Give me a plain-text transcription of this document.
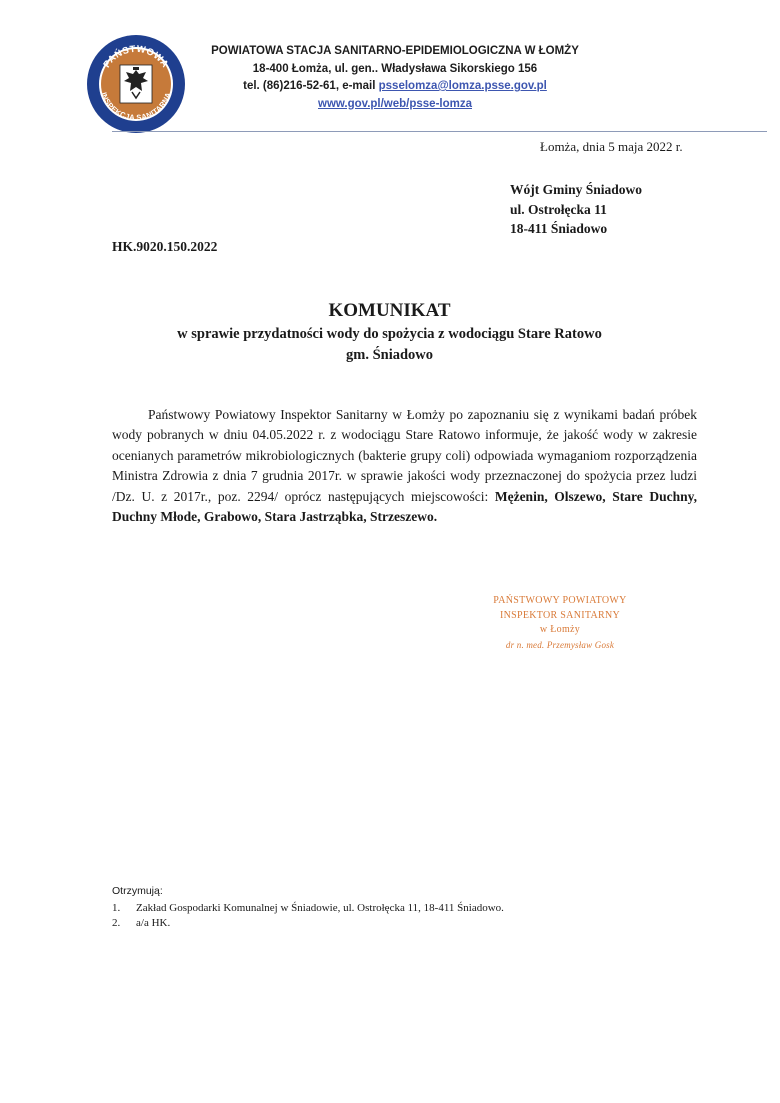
PAŃSTWOWA
INSPEKCJA SANITARNA
POWIATOWA STACJA SANITARNO-EPIDEMIOLOGICZNA W ŁOMŻY
18-400 Łomża, ul. gen.. Władysława Sikorskiego 156
tel. (86)216-52-61, e-mail psselomza@lomza.psse.gov.pl
www.gov.pl/web/psse-lomza
Łomża, dnia 5 maja 2022 r.
Wójt Gminy Śniadowo
ul. Ostrołęcka 11
18-411 Śniadowo
HK.9020.150.2022
KOMUNIKAT
w sprawie przydatności wody do spożycia z wodociągu Stare Ratowo
gm. Śniadowo

Państwowy Powiatowy Inspektor Sanitarny w Łomży po zapoznaniu się z wynikami badań próbek wody pobranych w dniu 04.05.2022 r. z wodociągu Stare Ratowo informuje, że jakość wody w zakresie ocenianych parametrów mikrobiologicznych (bakterie grupy coli) odpowiada wymaganiom rozporządzenia Ministra Zdrowia z dnia 7 grudnia 2017r. w sprawie jakości wody przeznaczonej do spożycia przez ludzi /Dz. U. z 2017r., poz. 2294/ oprócz następujących miejscowości: Mężenin, Olszewo, Stare Duchny, Duchny Młode, Grabowo, Stara Jastrząbka, Strzeszewo.

PAŃSTWOWY POWIATOWY
INSPEKTOR SANITARNY
w Łomży
dr n. med. Przemysław Gosk
Otrzymują:
1. Zakład Gospodarki Komunalnej w Śniadowie, ul. Ostrołęcka 11, 18-411 Śniadowo.
2. a/a HK.
